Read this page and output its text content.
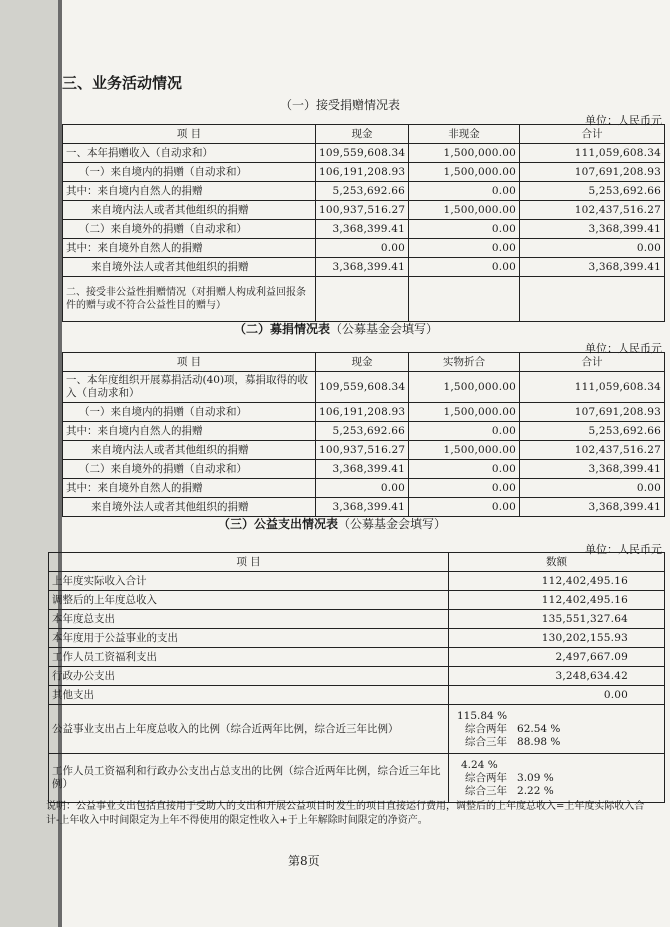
三、业务活动情况
（一）接受捐赠情况表
单位：人民币元
项 目	现金	非现金	合计
一、本年捐赠收入（自动求和）	109,559,608.34	1,500,000.00	111,059,608.34
（一）来自境内的捐赠（自动求和）	106,191,208.93	1,500,000.00	107,691,208.93
其中：来自境内自然人的捐赠	5,253,692.66	0.00	5,253,692.66
来自境内法人或者其他组织的捐赠	100,937,516.27	1,500,000.00	102,437,516.27
（二）来自境外的捐赠（自动求和）	3,368,399.41	0.00	3,368,399.41
其中：来自境外自然人的捐赠	0.00	0.00	0.00
来自境外法人或者其他组织的捐赠	3,368,399.41	0.00	3,368,399.41
二、接受非公益性捐赠情况（对捐赠人构成利益回报条件的赠与或不符合公益性目的赠与）			
（二）募捐情况表（公募基金会填写）
单位：人民币元
项 目	现金	实物折合	合计
一、本年度组织开展募捐活动(40)项，募捐取得的收入（自动求和）	109,559,608.34	1,500,000.00	111,059,608.34
（一）来自境内的捐赠（自动求和）	106,191,208.93	1,500,000.00	107,691,208.93
其中：来自境内自然人的捐赠	5,253,692.66	0.00	5,253,692.66
来自境内法人或者其他组织的捐赠	100,937,516.27	1,500,000.00	102,437,516.27
（二）来自境外的捐赠（自动求和）	3,368,399.41	0.00	3,368,399.41
其中：来自境外自然人的捐赠	0.00	0.00	0.00
来自境外法人或者其他组织的捐赠	3,368,399.41	0.00	3,368,399.41
（三）公益支出情况表（公募基金会填写）
单位：人民币元
项 目	数额
上年度实际收入合计	112,402,495.16
调整后的上年度总收入	112,402,495.16
本年度总支出	135,551,327.64
本年度用于公益事业的支出	130,202,155.93
工作人员工资福利支出	2,497,667.09
行政办公支出	3,248,634.42
其他支出	0.00
公益事业支出占上年度总收入的比例（综合近两年比例，综合近三年比例）	115.84 %
综合两年 62.54 %
综合三年 88.98 %

工作人员工资福利和行政办公支出占总支出的比例（综合近两年比例，综合近三年比例）	4.24 %
综合两年 3.09 %
综合三年 2.22 %
说明：公益事业支出包括直接用于受助人的支出和开展公益项目时发生的项目直接运行费用，调整后的上年度总收入=上年度实际收入合计-上年收入中时间限定为上年不得使用的限定性收入+于上年解除时间限定的净资产。
第8页
